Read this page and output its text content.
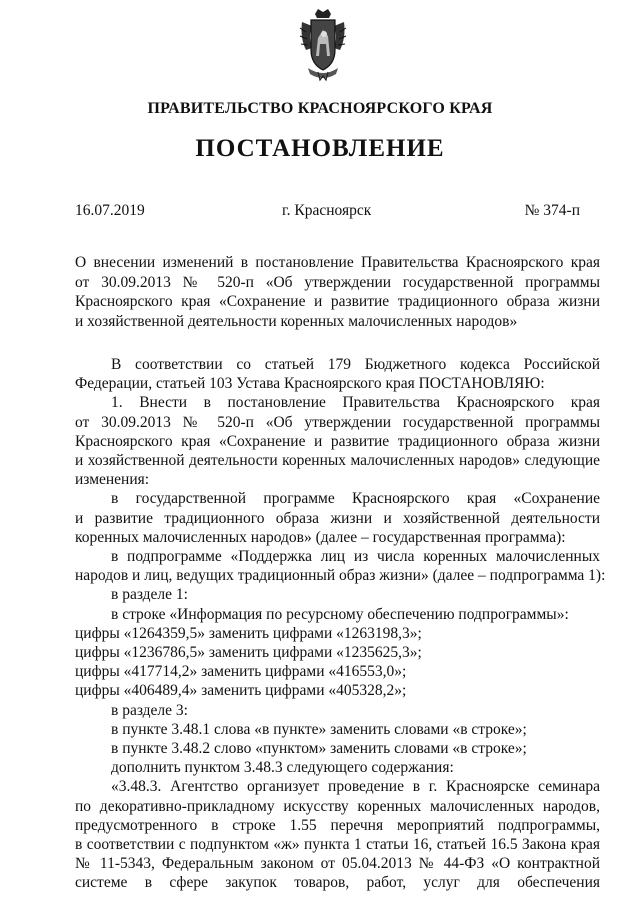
ПРАВИТЕЛЬСТВО КРАСНОЯРСКОГО КРАЯ
ПОСТАНОВЛЕНИЕ
16.07.2019	г. Красноярск	№ 374-п
О внесении изменений в постановление Правительства Красноярского края
от 30.09.2013 № 520-п «Об утверждении государственной программы
Красноярского края «Сохранение и развитие традиционного образа жизни
и хозяйственной деятельности коренных малочисленных народов»
В соответствии со статьей 179 Бюджетного кодекса Российской
Федерации, статьей 103 Устава Красноярского края ПОСТАНОВЛЯЮ:
1. Внести в постановление Правительства Красноярского края
от 30.09.2013 № 520-п «Об утверждении государственной программы
Красноярского края «Сохранение и развитие традиционного образа жизни
и хозяйственной деятельности коренных малочисленных народов» следующие
изменения:
в государственной программе Красноярского края «Сохранение
и развитие традиционного образа жизни и хозяйственной деятельности
коренных малочисленных народов» (далее – государственная программа):
в подпрограмме «Поддержка лиц из числа коренных малочисленных
народов и лиц, ведущих традиционный образ жизни» (далее – подпрограмма 1):
в разделе 1:
в строке «Информация по ресурсному обеспечению подпрограммы»:
цифры «1264359,5» заменить цифрами «1263198,3»;
цифры «1236786,5» заменить цифрами «1235625,3»;
цифры «417714,2» заменить цифрами «416553,0»;
цифры «406489,4» заменить цифрами «405328,2»;
в разделе 3:
в пункте 3.48.1 слова «в пункте» заменить словами «в строке»;
в пункте 3.48.2 слово «пунктом» заменить словами «в строке»;
дополнить пунктом 3.48.3 следующего содержания:
«3.48.3. Агентство организует проведение в г. Красноярске семинара
по декоративно-прикладному искусству коренных малочисленных народов,
предусмотренного в строке 1.55 перечня мероприятий подпрограммы,
в соответствии с подпунктом «ж» пункта 1 статьи 16, статьей 16.5 Закона края
№ 11-5343, Федеральным законом от 05.04.2013 № 44-ФЗ «О контрактной
системе в сфере закупок товаров, работ, услуг для обеспечения
